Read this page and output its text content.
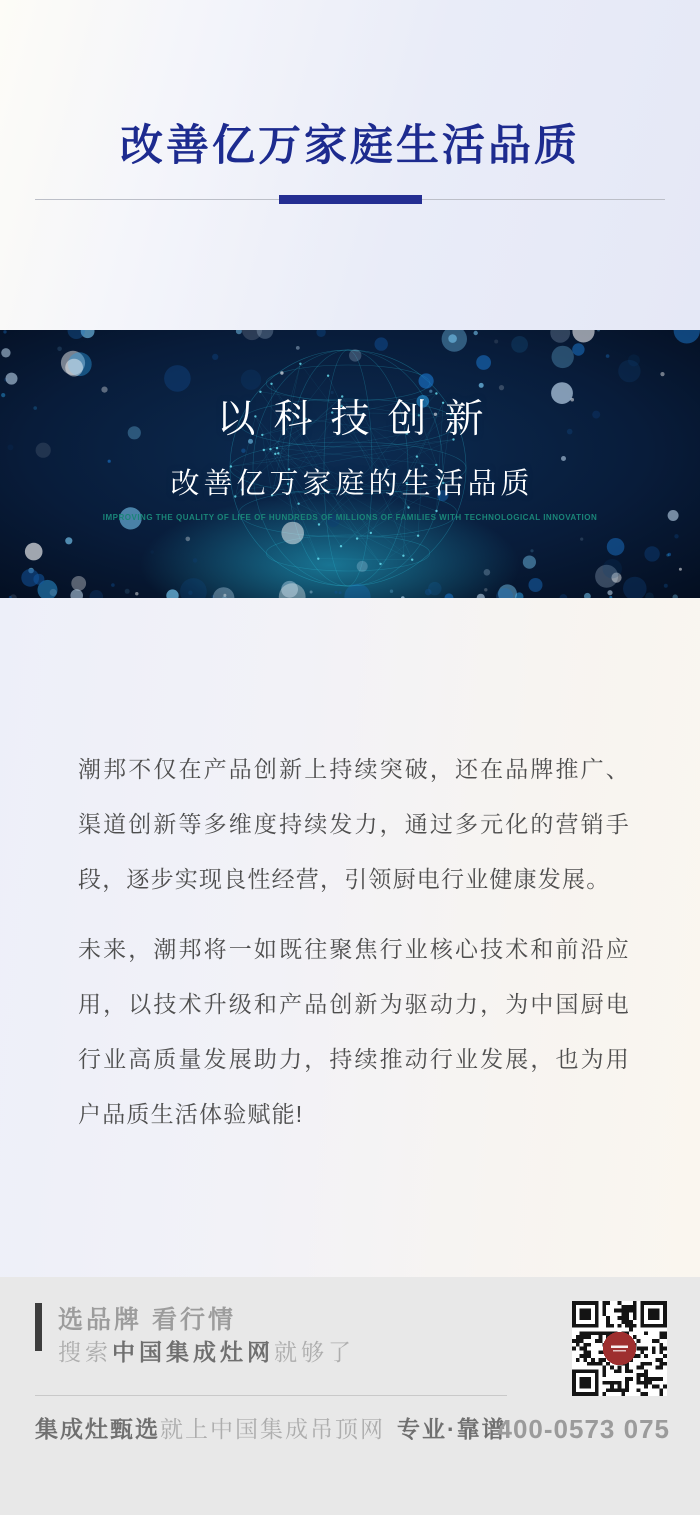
改善亿万家庭生活品质
以科技创新
改善亿万家庭的生活品质
IMPROVING THE QUALITY OF LIFE OF HUNDREDS OF MILLIONS OF FAMILIES WITH TECHNOLOGICAL INNOVATION

潮邦不仅在产品创新上持续突破，还在品牌推广、渠道创新等多维度持续发力，通过多元化的营销手段，逐步实现良性经营，引领厨电行业健康发展。

未来，潮邦将一如既往聚焦行业核心技术和前沿应用，以技术升级和产品创新为驱动力，为中国厨电行业高质量发展助力，持续推动行业发展，也为用户品质生活体验赋能!

选品牌 看行情
搜索中国集成灶网就够了
集成灶甄选就上中国集成吊顶网 专业·靠谱
400-0573 075
